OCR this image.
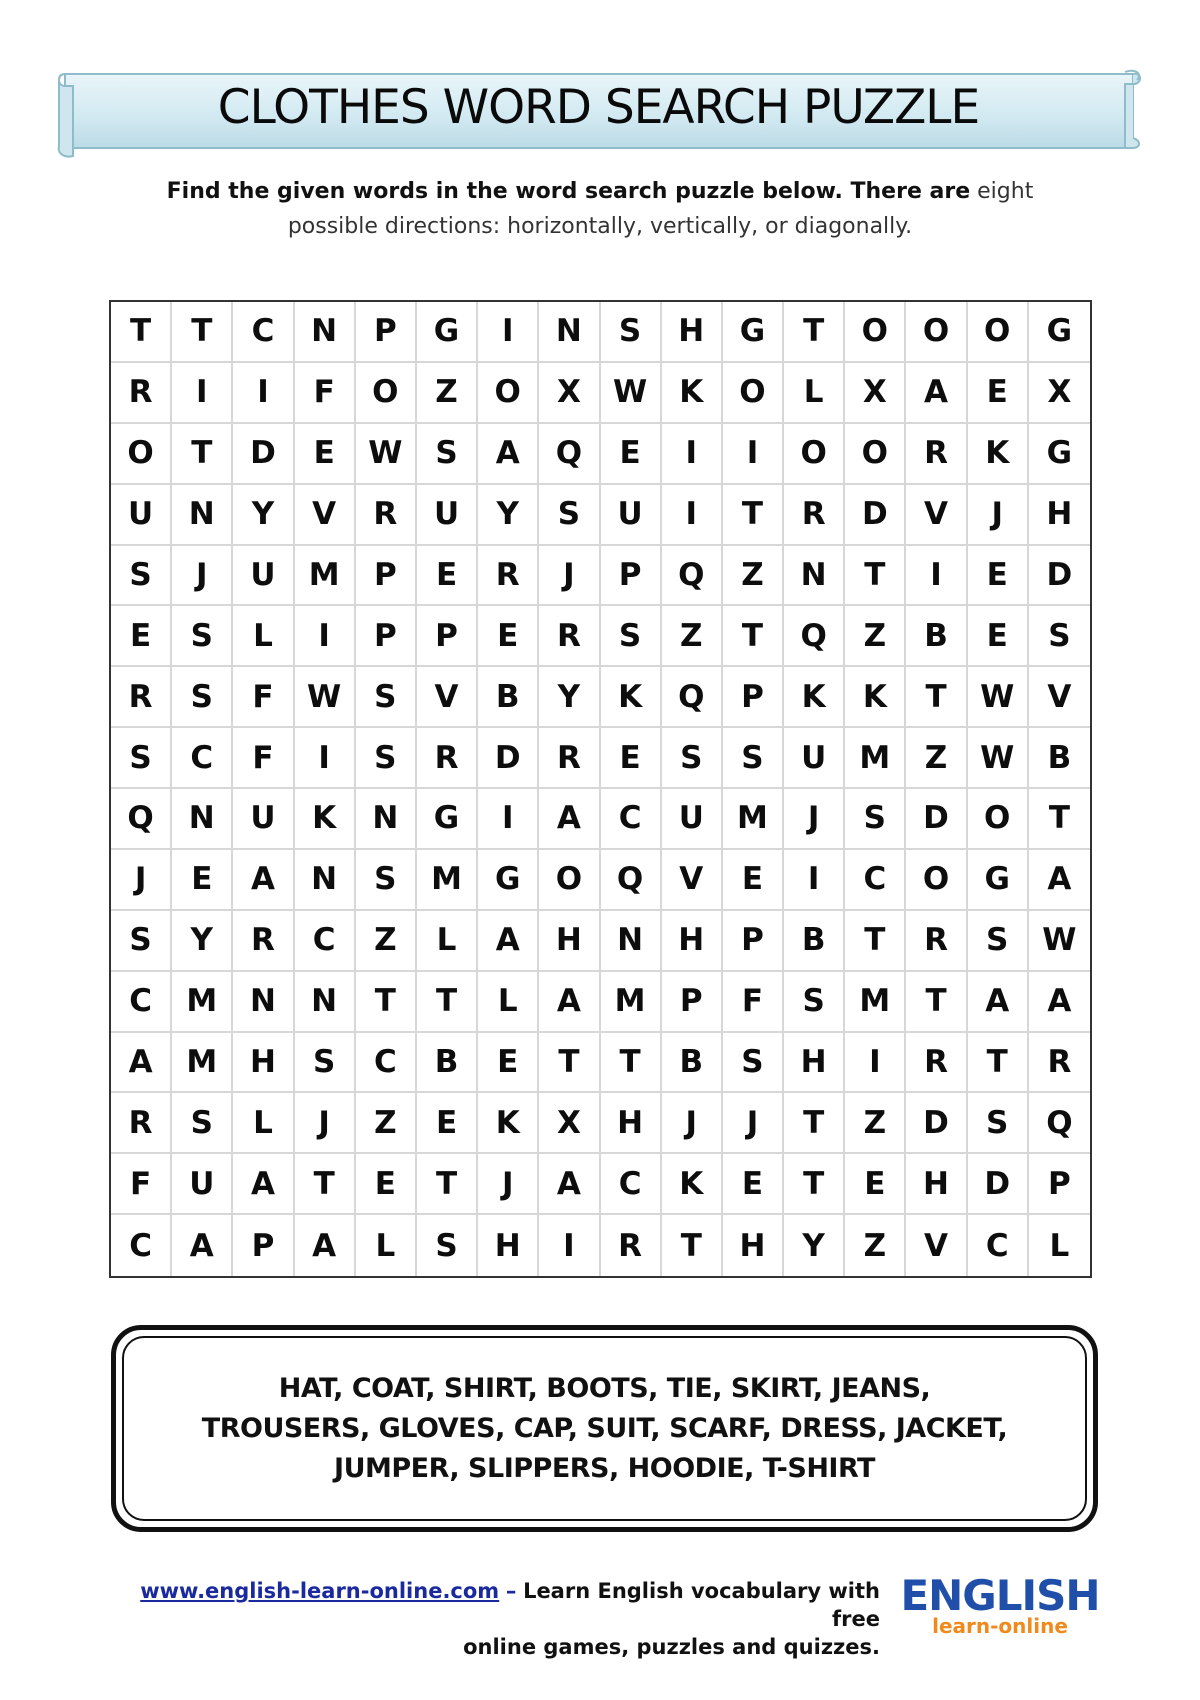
CLOTHES WORD SEARCH PUZZLE
Find the given words in the word search puzzle below. There are eight
possible directions: horizontally, vertically, or diagonally.
T	T	C	N	P	G	I	N	S	H	G	T	O	O	O	G
R	I	I	F	O	Z	O	X	W	K	O	L	X	A	E	X
O	T	D	E	W	S	A	Q	E	I	I	O	O	R	K	G
U	N	Y	V	R	U	Y	S	U	I	T	R	D	V	J	H
S	J	U	M	P	E	R	J	P	Q	Z	N	T	I	E	D
E	S	L	I	P	P	E	R	S	Z	T	Q	Z	B	E	S
R	S	F	W	S	V	B	Y	K	Q	P	K	K	T	W	V
S	C	F	I	S	R	D	R	E	S	S	U	M	Z	W	B
Q	N	U	K	N	G	I	A	C	U	M	J	S	D	O	T
J	E	A	N	S	M	G	O	Q	V	E	I	C	O	G	A
S	Y	R	C	Z	L	A	H	N	H	P	B	T	R	S	W
C	M	N	N	T	T	L	A	M	P	F	S	M	T	A	A
A	M	H	S	C	B	E	T	T	B	S	H	I	R	T	R
R	S	L	J	Z	E	K	X	H	J	J	T	Z	D	S	Q
F	U	A	T	E	T	J	A	C	K	E	T	E	H	D	P
C	A	P	A	L	S	H	I	R	T	H	Y	Z	V	C	L
HAT, COAT, SHIRT, BOOTS, TIE, SKIRT, JEANS,
TROUSERS, GLOVES, CAP, SUIT, SCARF, DRESS, JACKET,
JUMPER, SLIPPERS, HOODIE, T-SHIRT
www.english-learn-online.com – Learn English vocabulary with free
online games, puzzles and quizzes.
ENGLISH
learn-online
